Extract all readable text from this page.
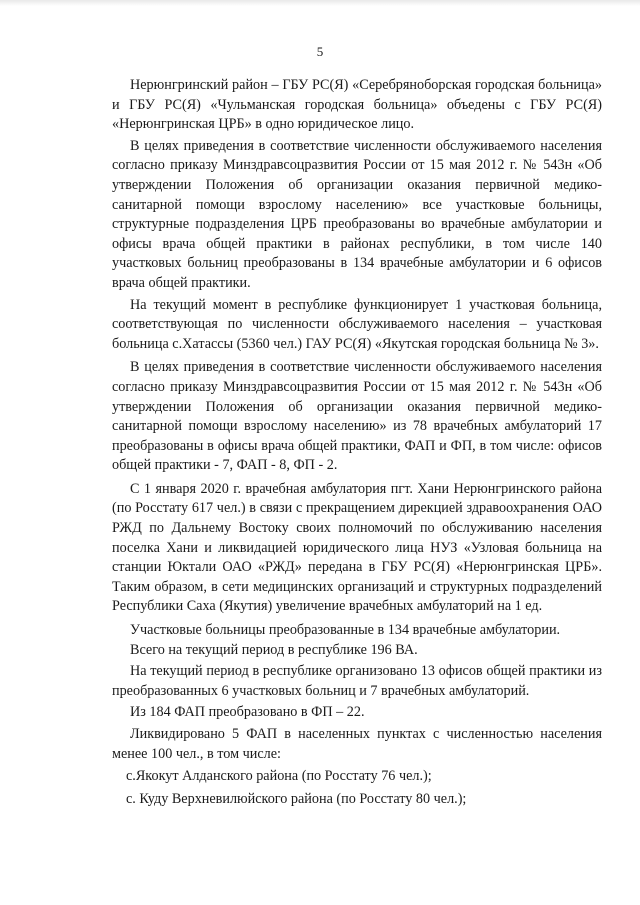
5

Нерюнгринский район – ГБУ РС(Я) «Серебряноборская городская больница» и ГБУ РС(Я) «Чульманская городская больница» объедены с ГБУ РС(Я) «Нерюнгринская ЦРБ» в одно юридическое лицо.

В целях приведения в соответствие численности обслуживаемого населения согласно приказу Минздравсоцразвития России от 15 мая 2012 г. № 543н «Об утверждении Положения об организации оказания первичной медико-санитарной помощи взрослому населению» все участковые больницы, структурные подразделения ЦРБ преобразованы во врачебные амбулатории и офисы врача общей практики в районах республики, в том числе 140 участковых больниц преобразованы в 134 врачебные амбулатории и 6 офисов врача общей практики.

На текущий момент в республике функционирует 1 участковая больница, соответствующая по численности обслуживаемого населения – участковая больница с.Хатассы (5360 чел.) ГАУ РС(Я) «Якутская городская больница № 3».

В целях приведения в соответствие численности обслуживаемого населения согласно приказу Минздравсоцразвития России от 15 мая 2012 г. № 543н «Об утверждении Положения об организации оказания первичной медико-санитарной помощи взрослому населению» из 78 врачебных амбулаторий 17 преобразованы в офисы врача общей практики, ФАП и ФП, в том числе: офисов общей практики - 7, ФАП - 8, ФП - 2.

С 1 января 2020 г. врачебная амбулатория пгт. Хани Нерюнгринского района (по Росстату 617 чел.) в связи с прекращением дирекцией здравоохранения ОАО РЖД по Дальнему Востоку своих полномочий по обслуживанию населения поселка Хани и ликвидацией юридического лица НУЗ «Узловая больница на станции Юктали ОАО «РЖД» передана в ГБУ РС(Я) «Нерюнгринская ЦРБ». Таким образом, в сети медицинских организаций и структурных подразделений Республики Саха (Якутия) увеличение врачебных амбулаторий на 1 ед.

Участковые больницы преобразованные в 134 врачебные амбулатории.

Всего на текущий период в республике 196 ВА.

На текущий период в республике организовано 13 офисов общей практики из преобразованных 6 участковых больниц и 7 врачебных амбулаторий.

Из 184 ФАП преобразовано в ФП – 22.

Ликвидировано 5 ФАП в населенных пунктах с численностью населения менее 100 чел., в том числе:

с.Якокут Алданского района (по Росстату 76 чел.);

с. Куду Верхневилюйского района (по Росстату 80 чел.);
